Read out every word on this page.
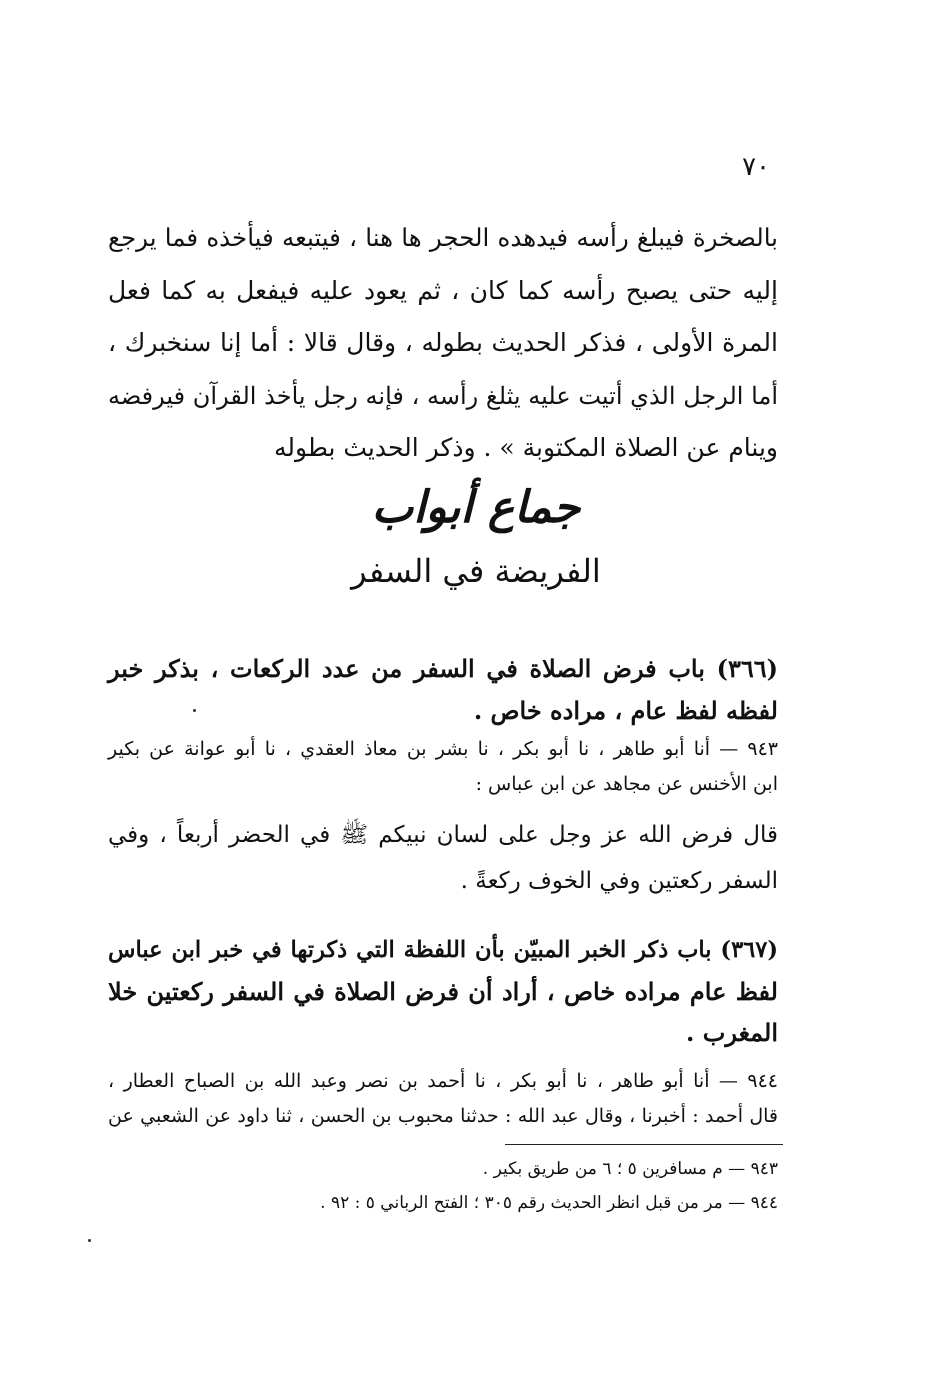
٧٠
بالصخرة فيبلغ رأسه فيدهده الحجر ها هنا ، فيتبعه فيأخذه فما يرجع
إليه حتى يصبح رأسه كما كان ، ثم يعود عليه فيفعل به كما فعل
المرة الأولى ، فذكر الحديث بطوله ، وقال قالا : أما إنا سنخبرك ،
أما الرجل الذي أتيت عليه يثلغ رأسه ، فإنه رجل يأخذ القرآن فيرفضه
وينام عن الصلاة المكتوبة » . وذكر الحديث بطوله
جماع أبواب
الفريضة في السفر
(٣٦٦) باب فرض الصلاة في السفر من عدد الركعات ، بذكر خبر
لفظه لفظ عام ، مراده خاص .
٩٤٣ — أنا أبو طاهر ، نا أبو بكر ، نا بشر بن معاذ العقدي ، نا أبو عوانة عن بكير
ابن الأخنس عن مجاهد عن ابن عباس :
قال فرض الله عز وجل على لسان نبيكم ﷺ في الحضر أربعاً ، وفي
السفر ركعتين وفي الخوف ركعةً .
(٣٦٧) باب ذكر الخبر المبيّن بأن اللفظة التي ذكرتها في خبر ابن عباس
لفظ عام مراده خاص ، أراد أن فرض الصلاة في السفر ركعتين خلا
المغرب .
٩٤٤ — أنا أبو طاهر ، نا أبو بكر ، نا أحمد بن نصر وعبد الله بن الصباح العطار ،
قال أحمد : أخبرنا ، وقال عبد الله : حدثنا محبوب بن الحسن ، ثنا داود عن الشعبي عن
٩٤٣ — م مسافرين ٥ ؛ ٦ من طريق بكير .
٩٤٤ — مر من قبل انظر الحديث رقم ٣٠٥ ؛ الفتح الرباني ٥ : ٩٢ .
